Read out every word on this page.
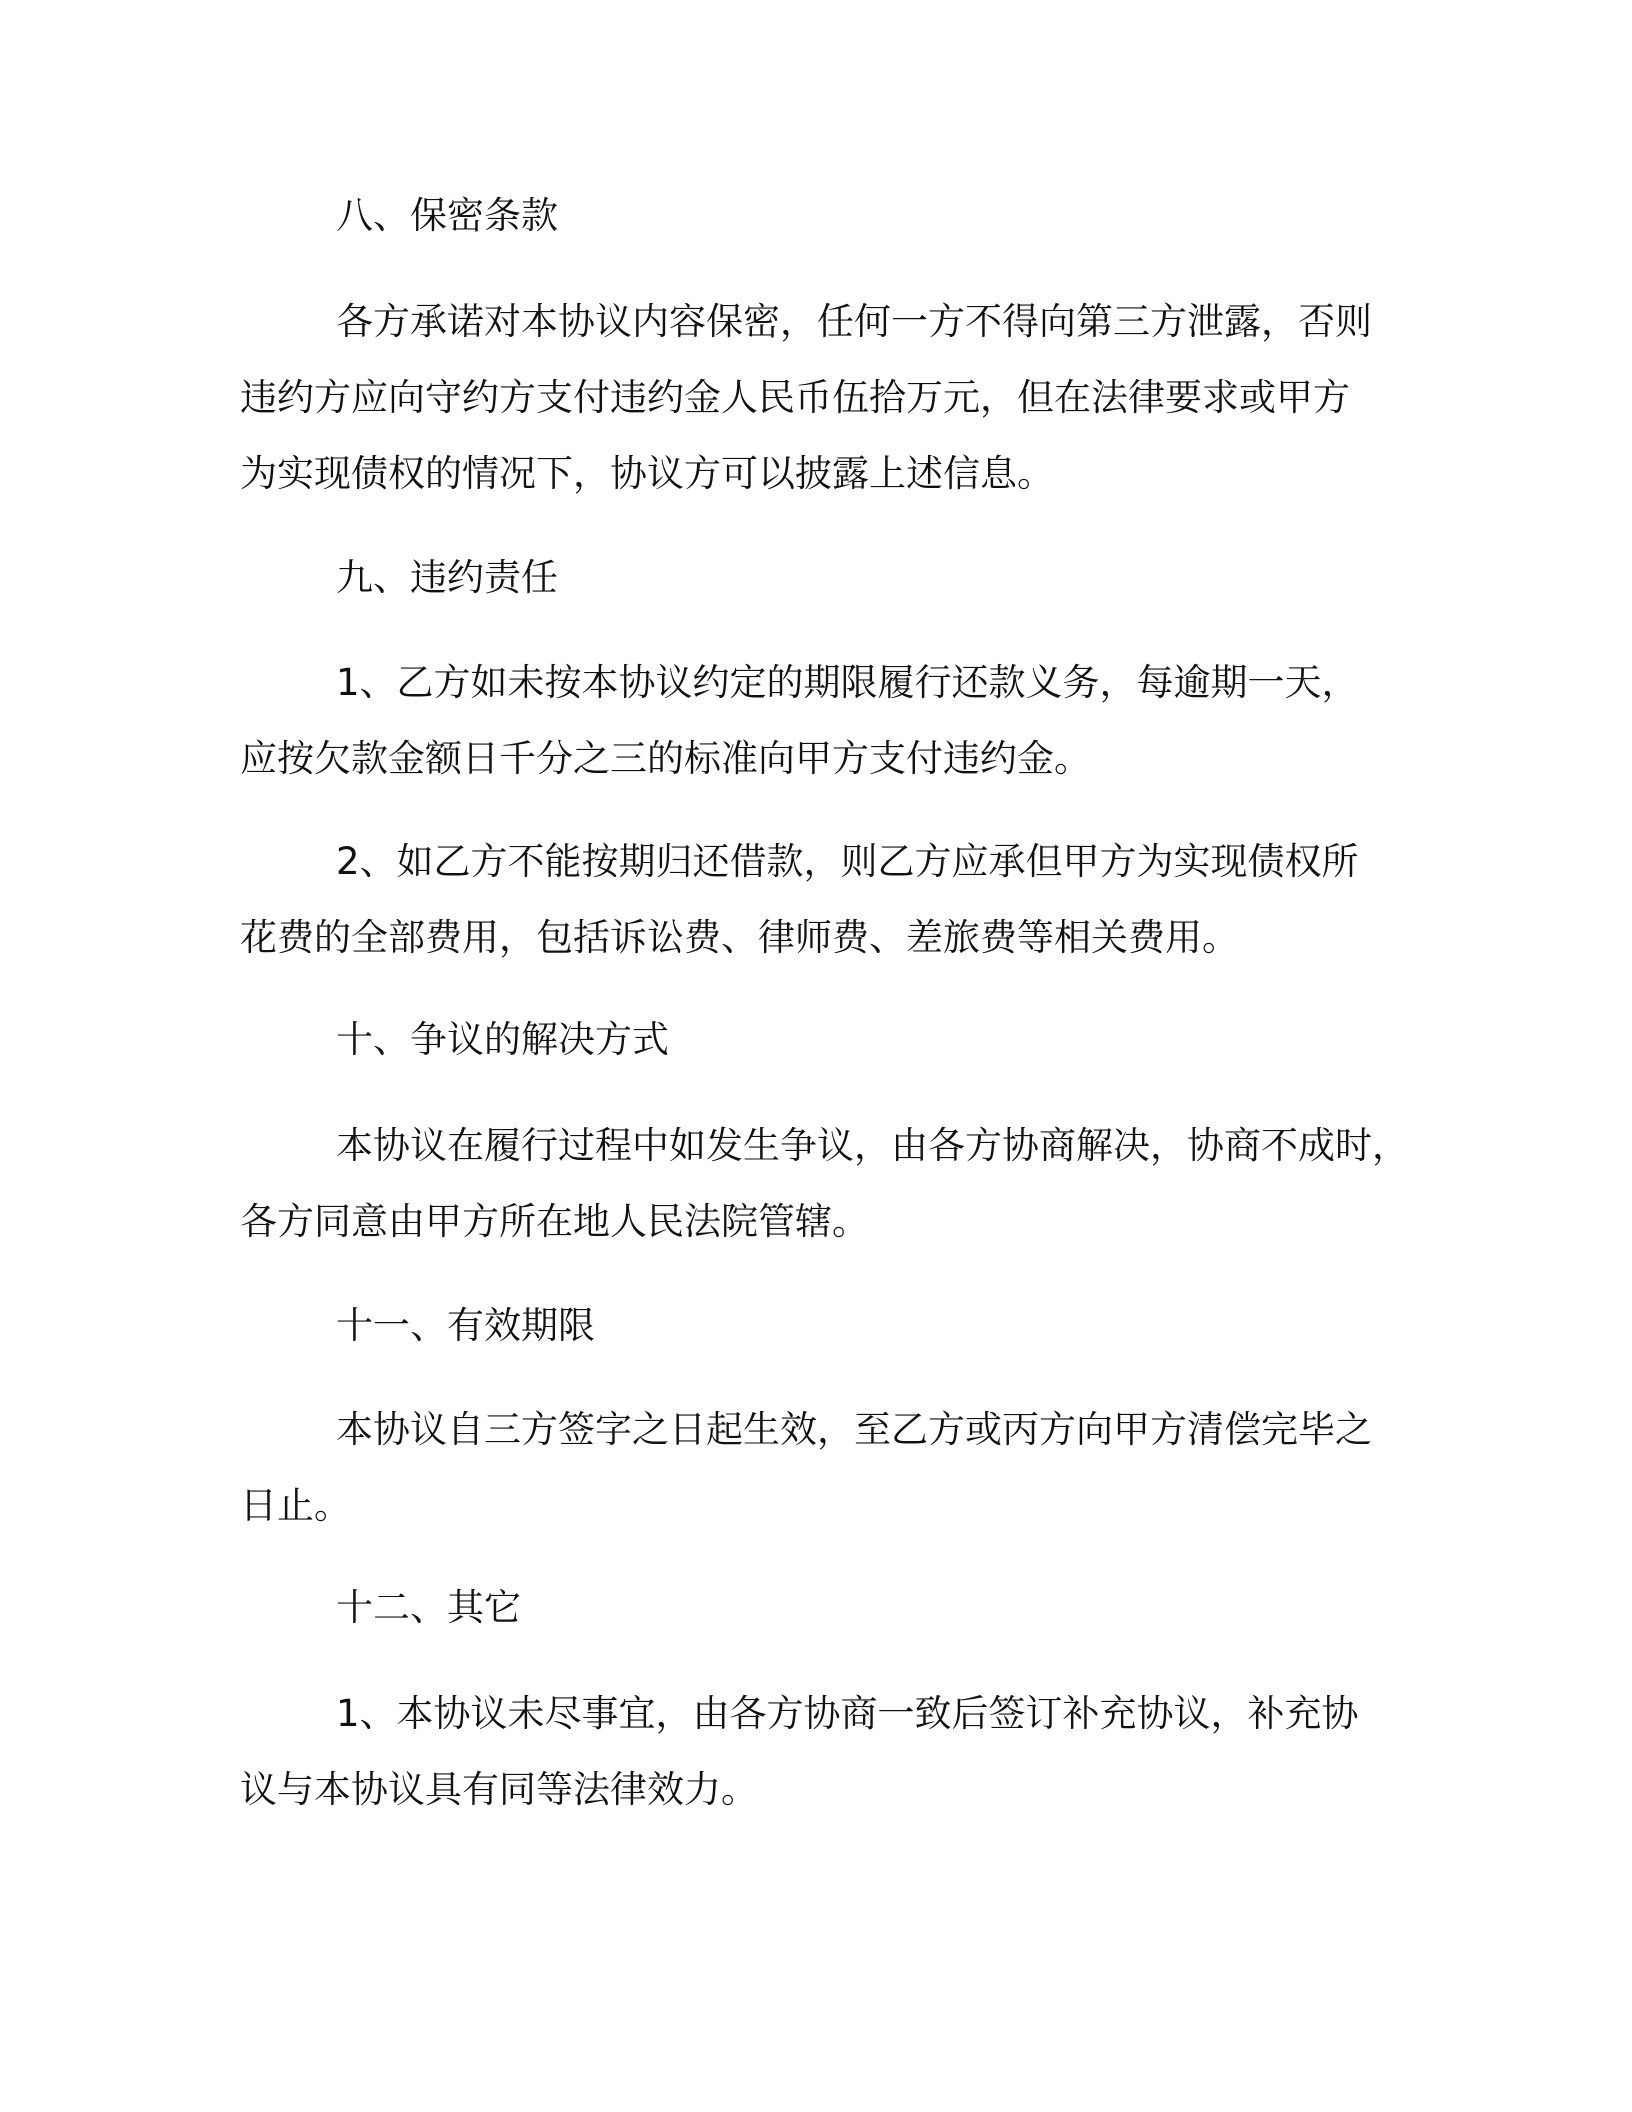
八、保密条款

各方承诺对本协议内容保密，任何一方不得向第三方泄露，否则
违约方应向守约方支付违约金人民币伍拾万元，但在法律要求或甲方
为实现债权的情况下，协议方可以披露上述信息。

九、违约责任

1、乙方如未按本协议约定的期限履行还款义务，每逾期一天，
应按欠款金额日千分之三的标准向甲方支付违约金。

2、如乙方不能按期归还借款，则乙方应承但甲方为实现债权所
花费的全部费用，包括诉讼费、律师费、差旅费等相关费用。

十、争议的解决方式

本协议在履行过程中如发生争议，由各方协商解决，协商不成时，
各方同意由甲方所在地人民法院管辖。

十一、有效期限

本协议自三方签字之日起生效，至乙方或丙方向甲方清偿完毕之
日止。

十二、其它

1、本协议未尽事宜，由各方协商一致后签订补充协议，补充协
议与本协议具有同等法律效力。
